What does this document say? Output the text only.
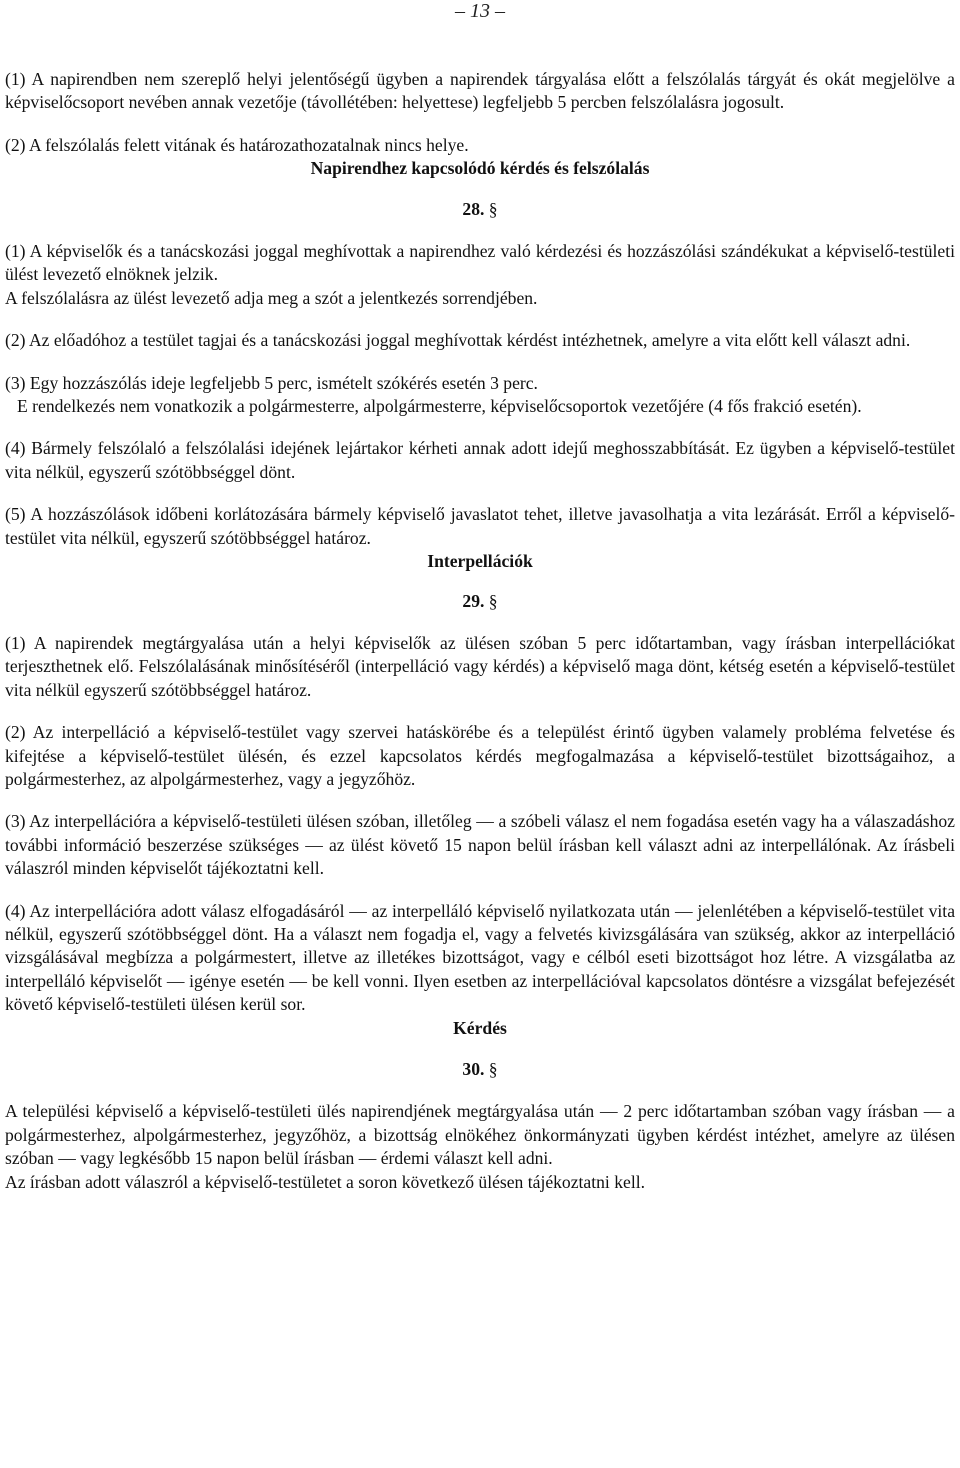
– 13 –

(1) A napirendben nem szereplő helyi jelentőségű ügyben a napirendek tárgyalása előtt a felszólalás tárgyát és okát megjelölve a képviselőcsoport nevében annak vezetője (távollétében: helyettese) legfeljebb 5 percben felszólalásra jogosult.

(2) A felszólalás felett vitának és határozathozatalnak nincs helye.

Napirendhez kapcsolódó kérdés és felszólalás

28. §

(1) A képviselők és a tanácskozási joggal meghívottak a napirendhez való kérdezési és hozzászólási szándékukat a képviselő-testületi ülést levezető elnöknek jelzik.

A felszólalásra az ülést levezető adja meg a szót a jelentkezés sorrendjében.

(2) Az előadóhoz a testület tagjai és a tanácskozási joggal meghívottak kérdést intézhetnek, amelyre a vita előtt kell választ adni.

(3) Egy hozzászólás ideje legfeljebb 5 perc, ismételt szókérés esetén 3 perc.

E rendelkezés nem vonatkozik a polgármesterre, alpolgármesterre, képviselőcsoportok vezetőjére (4 fős frakció esetén).

(4) Bármely felszólaló a felszólalási idejének lejártakor kérheti annak adott idejű meghosszabbítását. Ez ügyben a képviselő-testület vita nélkül, egyszerű szótöbbséggel dönt.

(5) A hozzászólások időbeni korlátozására bármely képviselő javaslatot tehet, illetve javasolhatja a vita lezárását. Erről a képviselő-testület vita nélkül, egyszerű szótöbbséggel határoz.

Interpellációk

29. §

(1) A napirendek megtárgyalása után a helyi képviselők az ülésen szóban 5 perc időtartamban, vagy írásban interpellációkat terjeszthetnek elő. Felszólalásának minősítéséről (interpelláció vagy kérdés) a képviselő maga dönt, kétség esetén a képviselő-testület vita nélkül egyszerű szótöbbséggel határoz.

(2) Az interpelláció a képviselő-testület vagy szervei hatáskörébe és a települést érintő ügyben valamely probléma felvetése és kifejtése a képviselő-testület ülésén, és ezzel kapcsolatos kérdés megfogalmazása a képviselő-testület bizottságaihoz, a polgármesterhez, az alpolgármesterhez, vagy a jegyzőhöz.

(3) Az interpellációra a képviselő-testületi ülésen szóban, illetőleg ― a szóbeli válasz el nem fogadása esetén vagy ha a válaszadáshoz további információ beszerzése szükséges ― az ülést követő 15 napon belül írásban kell választ adni az interpellálónak. Az írásbeli válaszról minden képviselőt tájékoztatni kell.

(4) Az interpellációra adott válasz elfogadásáról ― az interpelláló képviselő nyilatkozata után ― jelenlétében a képviselő-testület vita nélkül, egyszerű szótöbbséggel dönt. Ha a választ nem fogadja el, vagy a felvetés kivizsgálására van szükség, akkor az interpelláció vizsgálásával megbízza a polgármestert, illetve az illetékes bizottságot, vagy e célból eseti bizottságot hoz létre. A vizsgálatba az interpelláló képviselőt ― igénye esetén ― be kell vonni. Ilyen esetben az interpellációval kapcsolatos döntésre a vizsgálat befejezését követő képviselő-testületi ülésen kerül sor.

Kérdés

30. §

A települési képviselő a képviselő-testületi ülés napirendjének megtárgyalása után ― 2 perc időtartamban szóban vagy írásban ― a polgármesterhez, alpolgármesterhez, jegyzőhöz, a bizottság elnökéhez önkormányzati ügyben kérdést intézhet, amelyre az ülésen szóban ― vagy legkésőbb 15 napon belül írásban ― érdemi választ kell adni.

Az írásban adott válaszról a képviselő-testületet a soron következő ülésen tájékoztatni kell.
